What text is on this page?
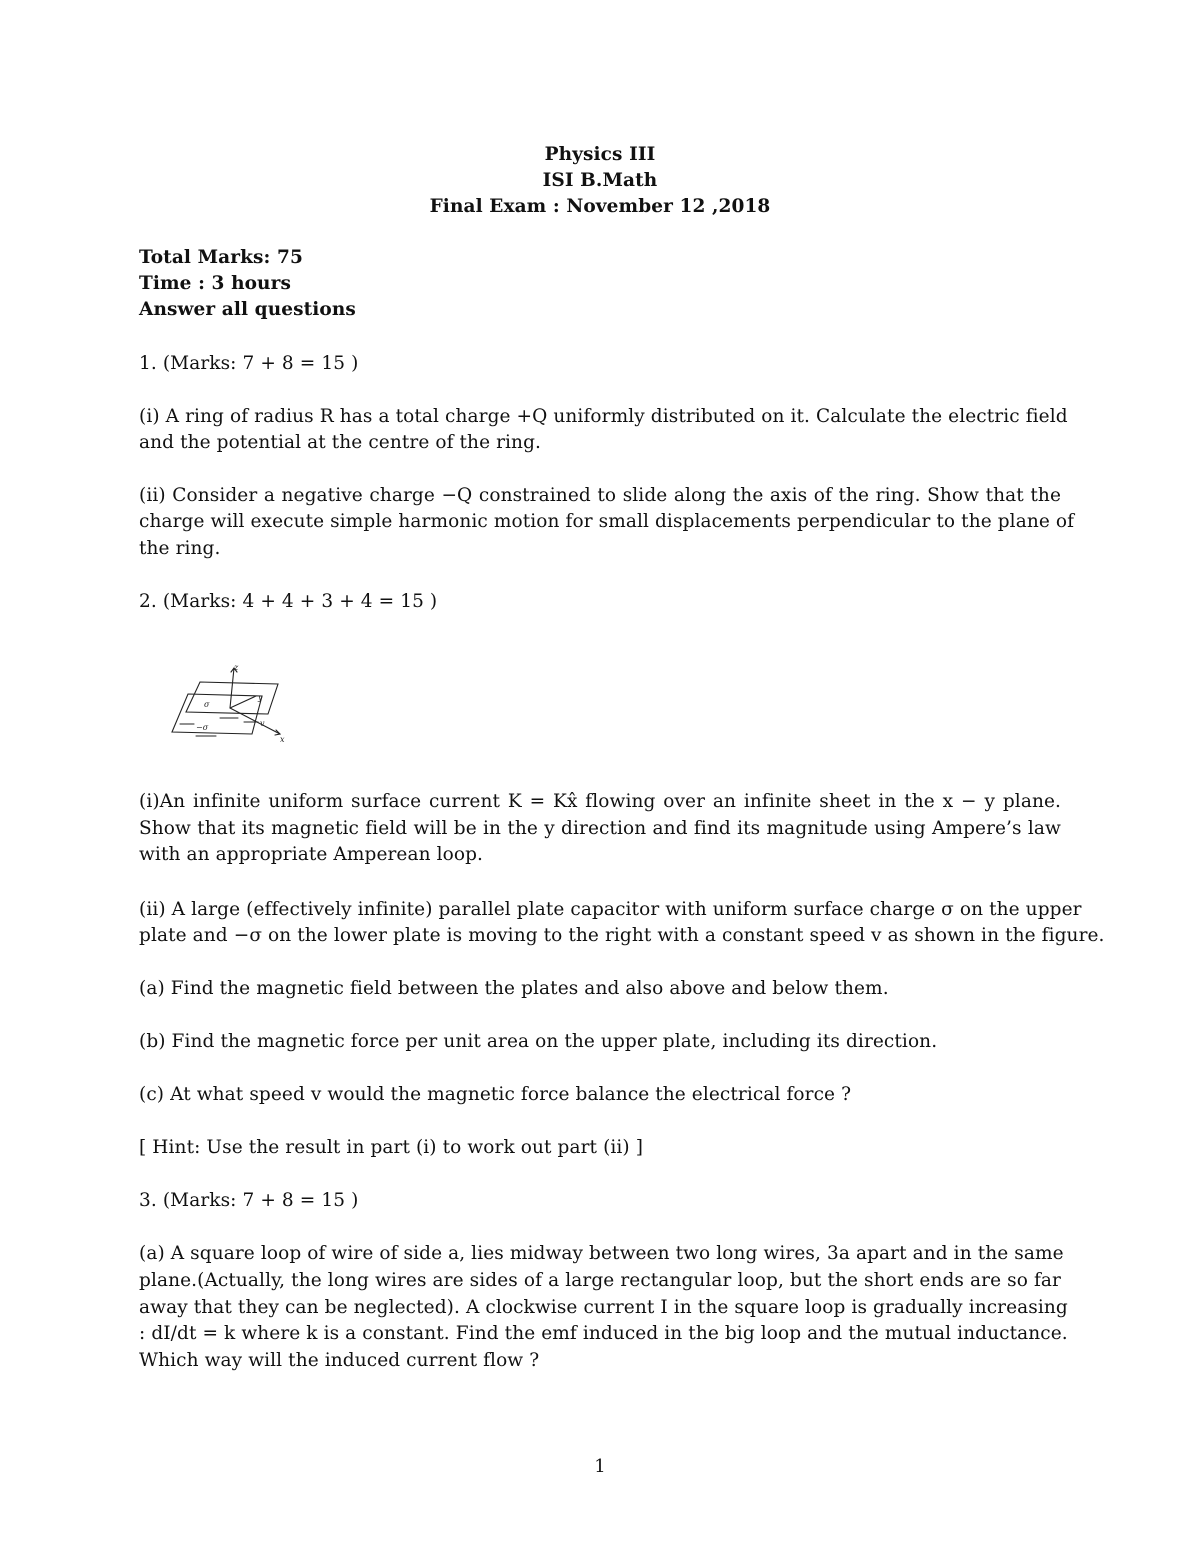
Physics III
ISI B.Math
Final Exam : November 12 ,2018
Total Marks: 75
Time : 3 hours
Answer all questions
1. (Marks: 7 + 8 = 15 )
(i) A ring of radius R has a total charge +Q uniformly distributed on it. Calculate the electric field
and the potential at the centre of the ring.
(ii) Consider a negative charge −Q constrained to slide along the axis of the ring. Show that the
charge will execute simple harmonic motion for small displacements perpendicular to the plane of
the ring.
2. (Marks: 4 + 4 + 3 + 4 = 15 )
z
y
x
σ
−σ	v
(i)An infinite uniform surface current K = Kx̂ flowing over an infinite sheet in the x − y plane.
Show that its magnetic field will be in the y direction and find its magnitude using Ampere’s law
with an appropriate Amperean loop.
(ii) A large (effectively infinite) parallel plate capacitor with uniform surface charge σ on the upper
plate and −σ on the lower plate is moving to the right with a constant speed v as shown in the figure.
(a) Find the magnetic field between the plates and also above and below them.
(b) Find the magnetic force per unit area on the upper plate, including its direction.
(c) At what speed v would the magnetic force balance the electrical force ?
[ Hint: Use the result in part (i) to work out part (ii) ]
3. (Marks: 7 + 8 = 15 )
(a) A square loop of wire of side a, lies midway between two long wires, 3a apart and in the same
plane.(Actually, the long wires are sides of a large rectangular loop, but the short ends are so far
away that they can be neglected). A clockwise current I in the square loop is gradually increasing
: dI/dt = k where k is a constant. Find the emf induced in the big loop and the mutual inductance.
Which way will the induced current flow ?
1
